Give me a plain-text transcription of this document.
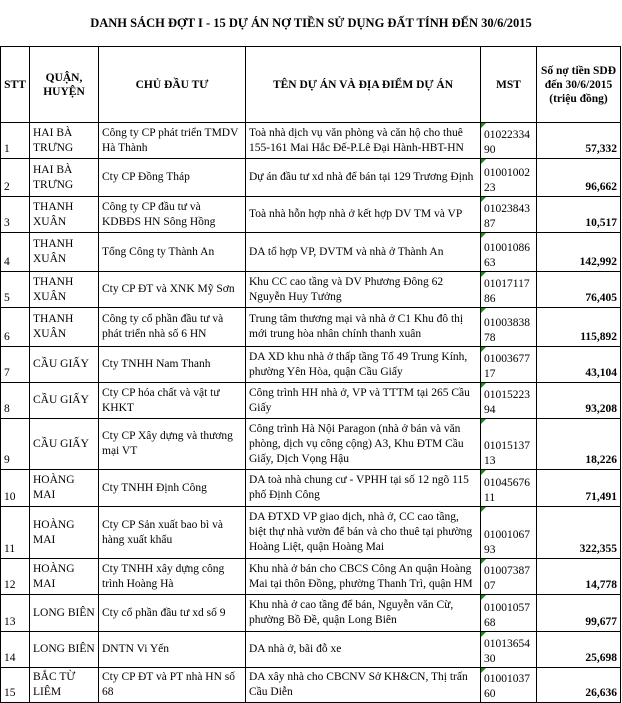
DANH SÁCH ĐỢT I - 15 DỰ ÁN NỢ TIỀN SỬ DỤNG ĐẤT TÍNH ĐẾN 30/6/2015
STT	QUẬN, HUYỆN	CHỦ ĐẦU TƯ	TÊN DỰ ÁN VÀ ĐỊA ĐIỂM DỰ ÁN	MST	Số nợ tiền SDĐ đến 30/6/2015 (triệu đồng)
1	HAI BÀ TRƯNG	Công ty CP phát triển TMDV Hà Thành	Toà nhà dịch vụ văn phòng và căn hộ cho thuê 155-161 Mai Hắc Đế-P.Lê Đại Hành-HBT-HN	0102233490	57,332
2	HAI BÀ TRƯNG	Cty CP Đồng Tháp	Dự án đầu tư xd nhà để bán tại 129 Trương Định	0100100223	96,662
3	THANH XUÂN	Công ty CP đầu tư và KDBĐS HN Sông Hồng	Toà nhà hỗn hợp nhà ở kết hợp DV TM và VP	0102384387	10,517
4	THANH XUÂN	Tổng Công ty Thành An	DA tổ hợp VP, DVTM và nhà ở Thành An	0100108663	142,992
5	THANH XUÂN	Cty CP ĐT và XNK Mỹ Sơn	Khu CC cao tầng và DV Phương Đông 62 Nguyễn Huy Tưởng	0101711786	76,405
6	THANH XUÂN	Công ty cổ phần đầu tư và phát triển nhà số 6 HN	Trung tâm thương mại và nhà ở C1 Khu đô thị mới trung hòa nhân chính thanh xuân	0100383878	115,892
7	CẦU GIẤY	Cty TNHH Nam Thanh	DA XD khu nhà ở thấp tầng Tổ 49 Trung Kính, phường Yên Hòa, quận Cầu Giấy	0100367717	43,104
8	CẦU GIẤY	Cty CP hóa chất và vật tư KHKT	Công trình HH nhà ở, VP và TTTM tại 265 Cầu Giấy	0101522394	93,208
9	CẦU GIẤY	Cty CP Xây dựng và thương mại VT	Công trình Hà Nội Paragon (nhà ở bán và văn phòng, dịch vụ công cộng) A3, Khu ĐTM Cầu Giấy, Dịch Vọng Hậu	0101513713	18,226
10	HOÀNG MAI	Cty TNHH Định Công	DA toà nhà chung cư - VPHH tại số 12 ngõ 115 phố Định Công	0104567611	71,491
11	HOÀNG MAI	Cty CP Sản xuất bao bì và hàng xuất khẩu	DA ĐTXD VP giao dịch, nhà ở, CC cao tầng, biệt thự nhà vườn để bán và cho thuê tại phường Hoàng Liệt, quận Hoàng Mai	0100106793	322,355
12	HOÀNG MAI	Cty TNHH xây dựng công trình Hoàng Hà	Khu nhà ở bán cho CBCS Công An quận Hoàng Mai tại thôn Đồng, phường Thanh Trì, quận HM	0100738707	14,778
13	LONG BIÊN	Cty cổ phần đầu tư xd số 9	Khu nhà ở cao tầng để bán, Nguyễn văn Cừ, phường Bồ Đề, quận Long Biên	0100105768	99,677
14	LONG BIÊN	DNTN Vi Yến	DA nhà ở, bãi đỗ xe	0101365430	25,698
15	BẮC TỪ LIÊM	Cty CP ĐT và PT nhà HN số 68	DA xây nhà cho CBCNV Sở KH&CN, Thị trấn Cầu Diễn	0100103760	26,636
